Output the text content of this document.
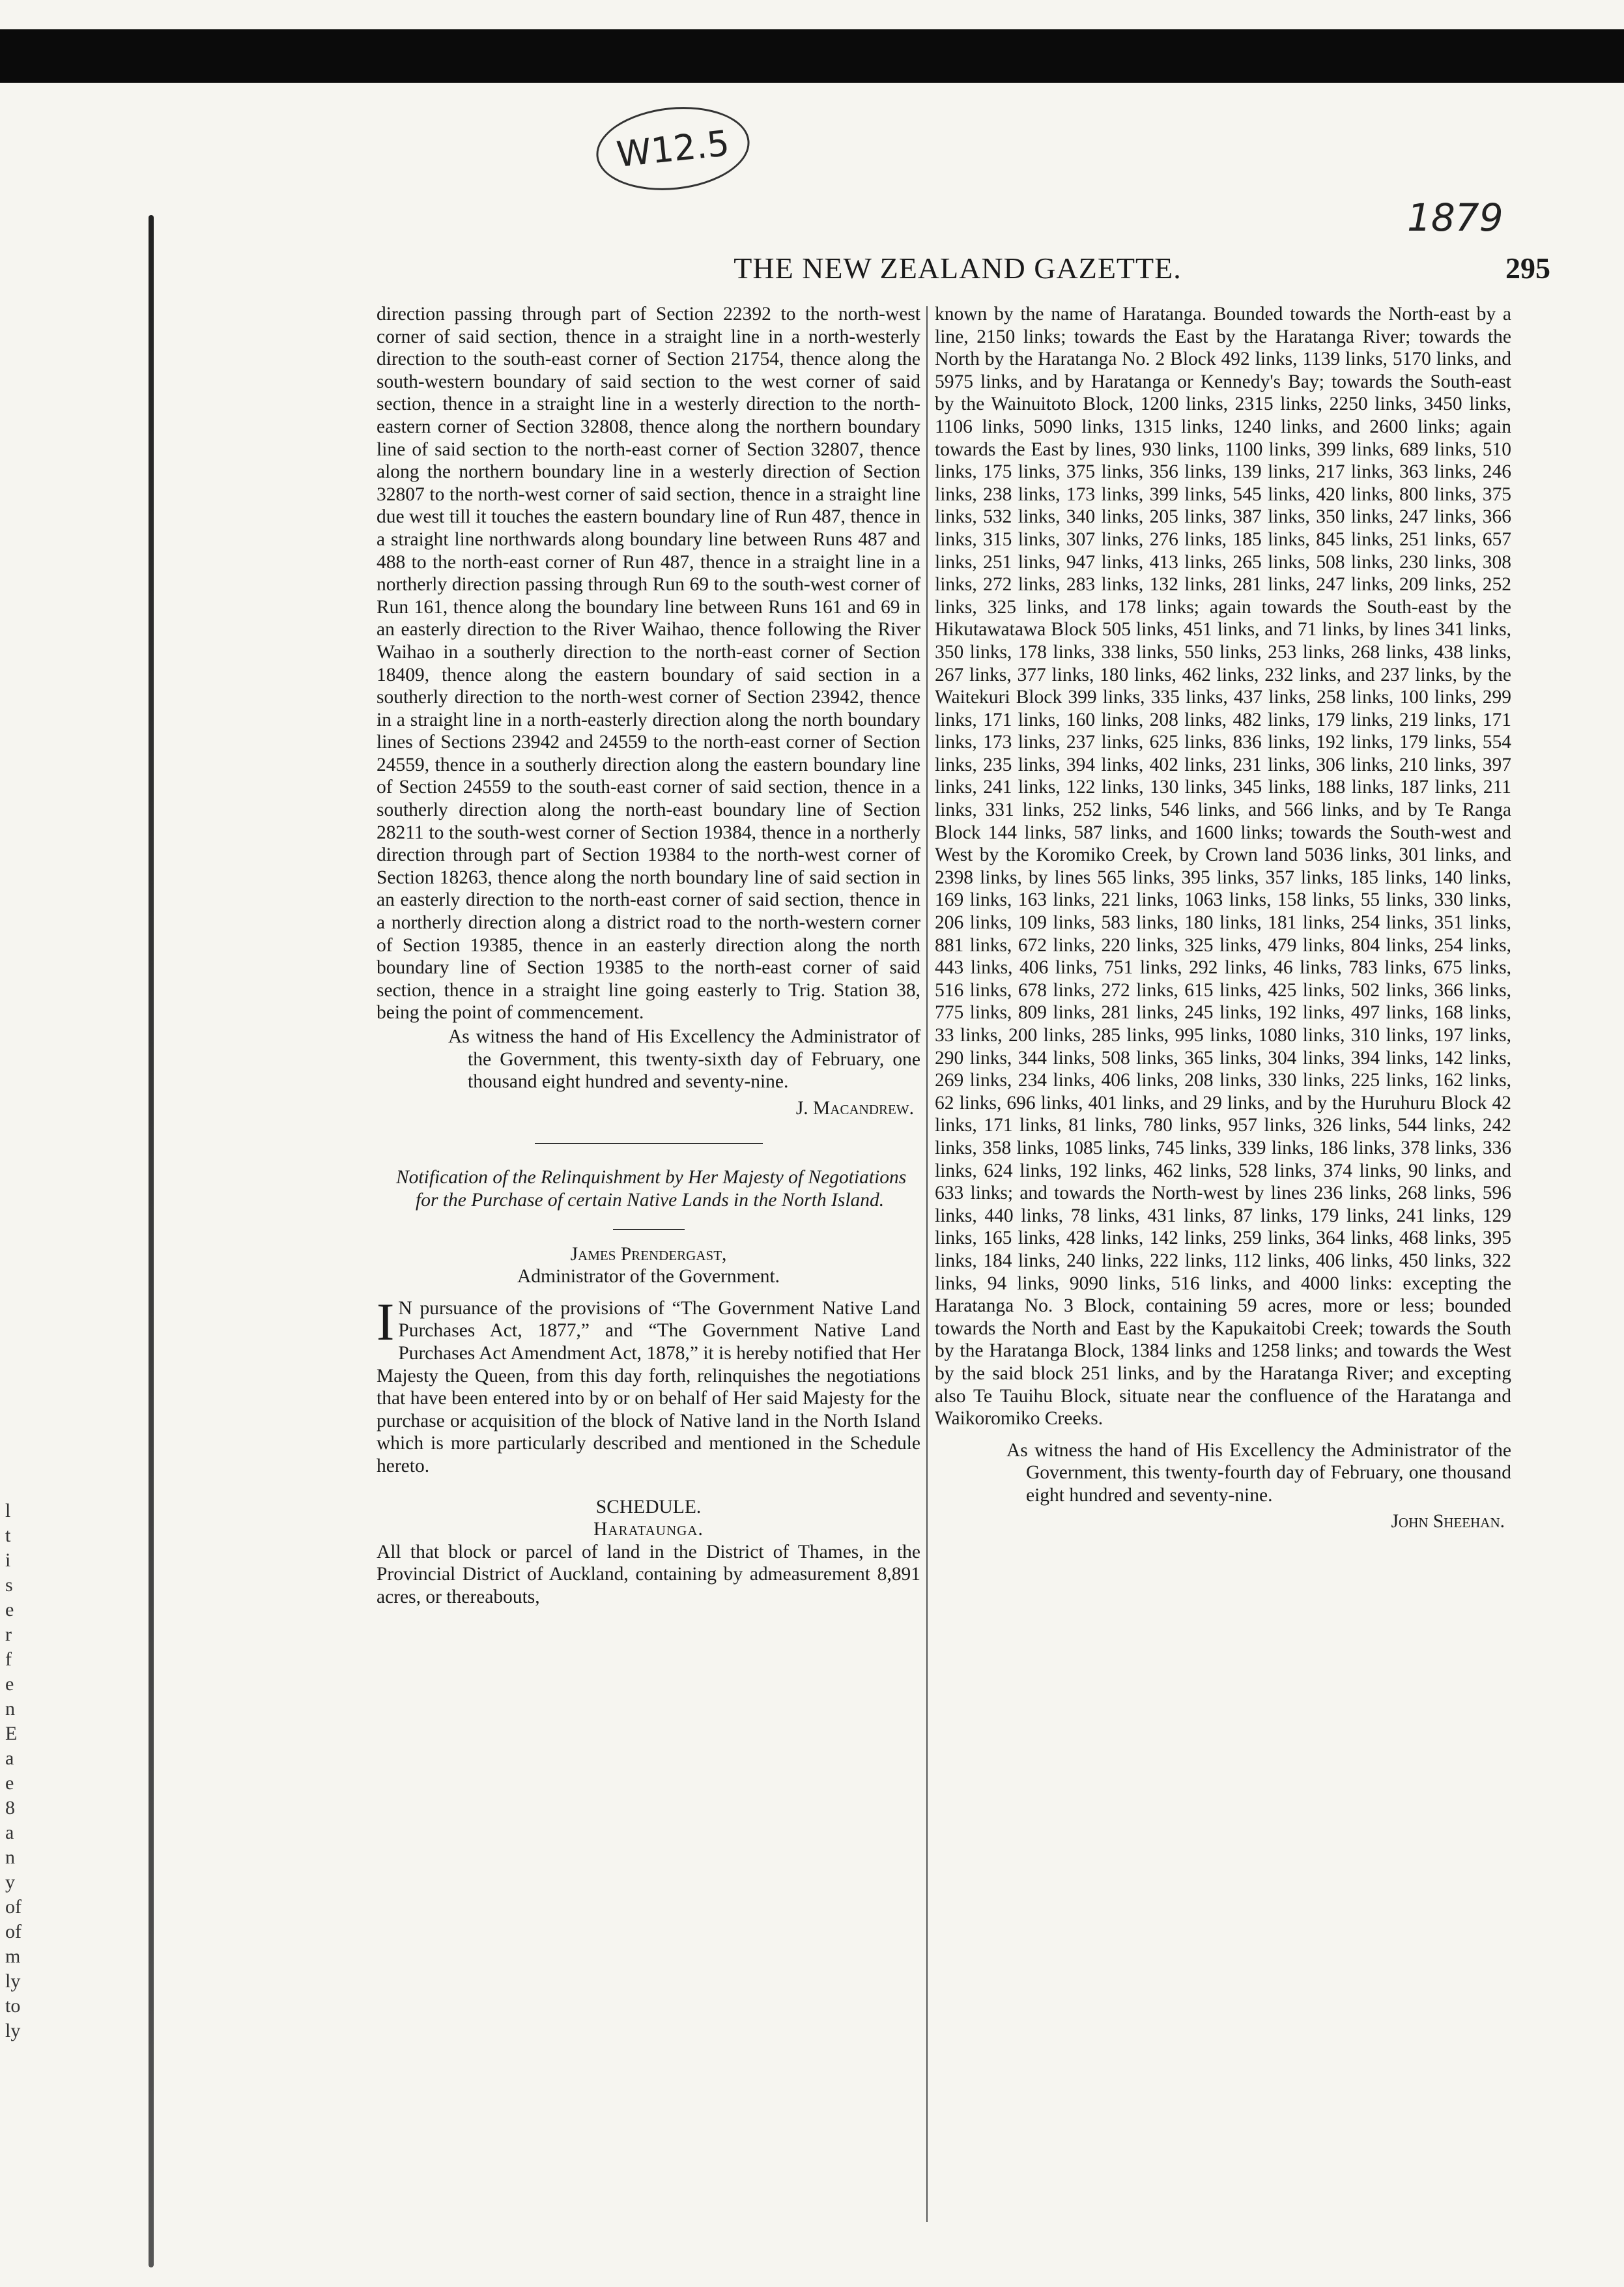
W12.5
1879
THE NEW ZEALAND GAZETTE.	295

direction passing through part of Section 22392 to the north-west corner of said section, thence in a straight line in a north-westerly direction to the south-east corner of Section 21754, thence along the south-western boundary of said section to the west corner of said section, thence in a straight line in a westerly direction to the north-eastern corner of Section 32808, thence along the northern boundary line of said section to the north-east corner of Section 32807, thence along the northern boundary line in a westerly direction of Section 32807 to the north-west corner of said section, thence in a straight line due west till it touches the eastern boundary line of Run 487, thence in a straight line northwards along boundary line between Runs 487 and 488 to the north-east corner of Run 487, thence in a straight line in a northerly direction passing through Run 69 to the south-west corner of Run 161, thence along the boundary line between Runs 161 and 69 in an easterly direction to the River Waihao, thence following the River Waihao in a southerly direction to the north-east corner of Section 18409, thence along the eastern boundary of said section in a southerly direction to the north-west corner of Section 23942, thence in a straight line in a north-easterly direction along the north boundary lines of Sections 23942 and 24559 to the north-east corner of Section 24559, thence in a southerly direction along the eastern boundary line of Section 24559 to the south-east corner of said section, thence in a southerly direction along the north-east boundary line of Section 28211 to the south-west corner of Section 19384, thence in a northerly direction through part of Section 19384 to the north-west corner of Section 18263, thence along the north boundary line of said section in an easterly direction to the north-east corner of said section, thence in a northerly direction along a district road to the north-western corner of Section 19385, thence in an easterly direction along the north boundary line of Section 19385 to the north-east corner of said section, thence in a straight line going easterly to Trig. Station 38, being the point of commencement.

As witness the hand of His Excellency the Administrator of the Government, this twenty-sixth day of February, one thousand eight hundred and seventy-nine.

J. Macandrew.

Notification of the Relinquishment by Her Majesty of Negotiations for the Purchase of certain Native Lands in the North Island.

James Prendergast,

Administrator of the Government.

I N pursuance of the provisions of “The Government Native Land Purchases Act, 1877,” and “The Government Native Land Purchases Act Amendment Act, 1878,” it is hereby notified that Her Majesty the Queen, from this day forth, relinquishes the negotiations that have been entered into by or on behalf of Her said Majesty for the purchase or acquisition of the block of Native land in the North Island which is more particularly described and mentioned in the Schedule hereto.

SCHEDULE.

Harataunga.

All that block or parcel of land in the District of Thames, in the Provincial District of Auckland, containing by admeasurement 8,891 acres, or thereabouts,

known by the name of Haratanga. Bounded towards the North-east by a line, 2150 links; towards the East by the Haratanga River; towards the North by the Haratanga No. 2 Block 492 links, 1139 links, 5170 links, and 5975 links, and by Haratanga or Kennedy's Bay; towards the South-east by the Wainuitoto Block, 1200 links, 2315 links, 2250 links, 3450 links, 1106 links, 5090 links, 1315 links, 1240 links, and 2600 links; again towards the East by lines, 930 links, 1100 links, 399 links, 689 links, 510 links, 175 links, 375 links, 356 links, 139 links, 217 links, 363 links, 246 links, 238 links, 173 links, 399 links, 545 links, 420 links, 800 links, 375 links, 532 links, 340 links, 205 links, 387 links, 350 links, 247 links, 366 links, 315 links, 307 links, 276 links, 185 links, 845 links, 251 links, 657 links, 251 links, 947 links, 413 links, 265 links, 508 links, 230 links, 308 links, 272 links, 283 links, 132 links, 281 links, 247 links, 209 links, 252 links, 325 links, and 178 links; again towards the South-east by the Hikutawatawa Block 505 links, 451 links, and 71 links, by lines 341 links, 350 links, 178 links, 338 links, 550 links, 253 links, 268 links, 438 links, 267 links, 377 links, 180 links, 462 links, 232 links, and 237 links, by the Waitekuri Block 399 links, 335 links, 437 links, 258 links, 100 links, 299 links, 171 links, 160 links, 208 links, 482 links, 179 links, 219 links, 171 links, 173 links, 237 links, 625 links, 836 links, 192 links, 179 links, 554 links, 235 links, 394 links, 402 links, 231 links, 306 links, 210 links, 397 links, 241 links, 122 links, 130 links, 345 links, 188 links, 187 links, 211 links, 331 links, 252 links, 546 links, and 566 links, and by Te Ranga Block 144 links, 587 links, and 1600 links; towards the South-west and West by the Koromiko Creek, by Crown land 5036 links, 301 links, and 2398 links, by lines 565 links, 395 links, 357 links, 185 links, 140 links, 169 links, 163 links, 221 links, 1063 links, 158 links, 55 links, 330 links, 206 links, 109 links, 583 links, 180 links, 181 links, 254 links, 351 links, 881 links, 672 links, 220 links, 325 links, 479 links, 804 links, 254 links, 443 links, 406 links, 751 links, 292 links, 46 links, 783 links, 675 links, 516 links, 678 links, 272 links, 615 links, 425 links, 502 links, 366 links, 775 links, 809 links, 281 links, 245 links, 192 links, 497 links, 168 links, 33 links, 200 links, 285 links, 995 links, 1080 links, 310 links, 197 links, 290 links, 344 links, 508 links, 365 links, 304 links, 394 links, 142 links, 269 links, 234 links, 406 links, 208 links, 330 links, 225 links, 162 links, 62 links, 696 links, 401 links, and 29 links, and by the Huruhuru Block 42 links, 171 links, 81 links, 780 links, 957 links, 326 links, 544 links, 242 links, 358 links, 1085 links, 745 links, 339 links, 186 links, 378 links, 336 links, 624 links, 192 links, 462 links, 528 links, 374 links, 90 links, and 633 links; and towards the North-west by lines 236 links, 268 links, 596 links, 440 links, 78 links, 431 links, 87 links, 179 links, 241 links, 129 links, 165 links, 428 links, 142 links, 259 links, 364 links, 468 links, 395 links, 184 links, 240 links, 222 links, 112 links, 406 links, 450 links, 322 links, 94 links, 9090 links, 516 links, and 4000 links: excepting the Haratanga No. 3 Block, containing 59 acres, more or less; bounded towards the North and East by the Kapukaitobi Creek; towards the South by the Haratanga Block, 1384 links and 1258 links; and towards the West by the said block 251 links, and by the Haratanga River; and excepting also Te Tauihu Block, situate near the confluence of the Haratanga and Waikoromiko Creeks.

As witness the hand of His Excellency the Administrator of the Government, this twenty-fourth day of February, one thousand eight hundred and seventy-nine.

John Sheehan.

l
t
i
s
e
r
f
e
n
E
a
e
8
a
n
y
of
of
m
ly
to
ly
